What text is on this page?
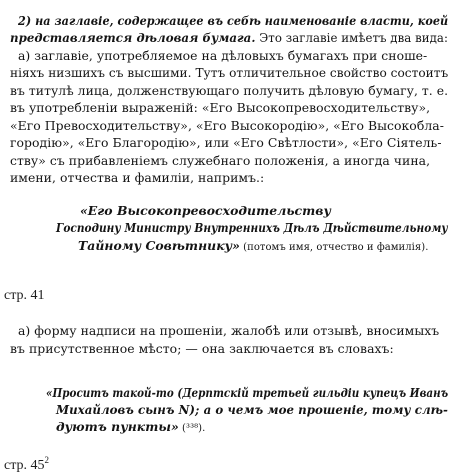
2) на заглавіе, содержащее въ себѣ наименованіе власти, коей
представляется дѣловая бумага. Это заглавіе имѣетъ два вида:
а) заглавіе, употребляемое на дѣловыхъ бумагахъ при сноше-
ніяхъ низшихъ съ высшими. Тутъ отличительное свойство состоитъ
въ титулѣ лица, долженствующаго получить дѣловую бумагу, т. е.
въ употребленіи выраженій: «Его Высокопревосходительству»,
«Его Превосходительству», «Его Высокородію», «Его Высокобла-
городію», «Его Благородію», или «Его Свѣтлости», «Его Сіятель-
ству» съ прибавленіемъ служебнаго положенія, а иногда чина,
имени, отчества и фамиліи, напримъ.:
«Его Высокопревосходительству
Господину Министру Внутреннихъ Дѣлъ Дѣйствительному
Тайному Совѣтнику» (потомъ имя, отчество и фамилія).
стр. 41
а) форму надписи на прошеніи, жалобѣ или отзывѣ, вносимыхъ
въ присутственное мѣсто; — она заключается въ словахъ:
«Проситъ такой-то (Дерптскій третьей гильдіи купецъ Иванъ
Михайловъ сынъ N); а о чемъ мое прошеніе, тому слѣ-
дуютъ пункты» (³³⁸).
стр. $45^2$
